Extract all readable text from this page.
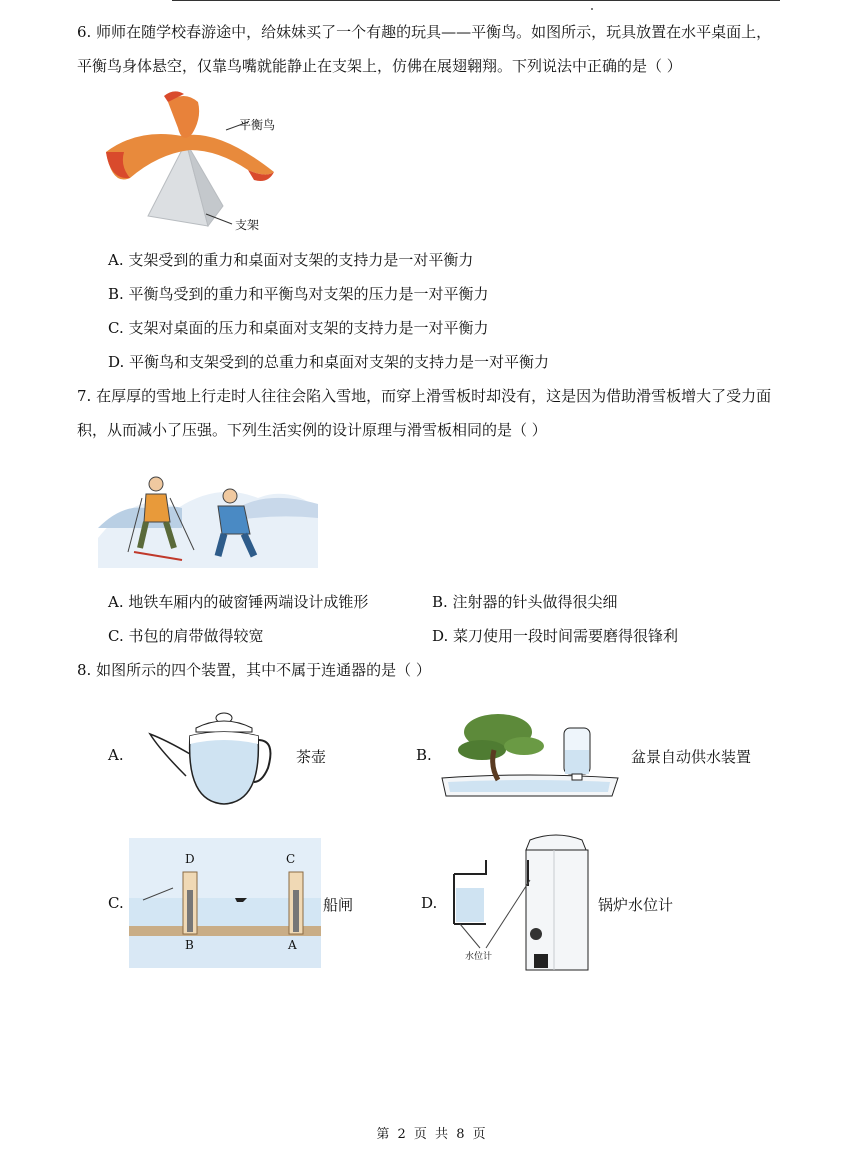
6. 师师在随学校春游途中，给妹妹买了一个有趣的玩具——平衡鸟。如图所示，玩具放置在水平桌面上，
平衡鸟身体悬空，仅靠鸟嘴就能静止在支架上，仿佛在展翅翱翔。下列说法中正确的是（ ）
平衡鸟
支架
A. 支架受到的重力和桌面对支架的支持力是一对平衡力
B. 平衡鸟受到的重力和平衡鸟对支架的压力是一对平衡力
C. 支架对桌面的压力和桌面对支架的支持力是一对平衡力
D. 平衡鸟和支架受到的总重力和桌面对支架的支持力是一对平衡力
7. 在厚厚的雪地上行走时人往往会陷入雪地，而穿上滑雪板时却没有，这是因为借助滑雪板增大了受力面
积，从而减小了压强。下列生活实例的设计原理与滑雪板相同的是（ ）
A. 地铁车厢内的破窗锤两端设计成锥形	B. 注射器的针头做得很尖细
C. 书包的肩带做得较宽	D. 菜刀使用一段时间需要磨得很锋利
8. 如图所示的四个装置，其中不属于连通器的是（ ）
A.	茶壶	B.	盆景自动供水装置
C.
D	C
B	A
船闸	D.
水位计
锅炉水位计
第 2 页 共 8 页
